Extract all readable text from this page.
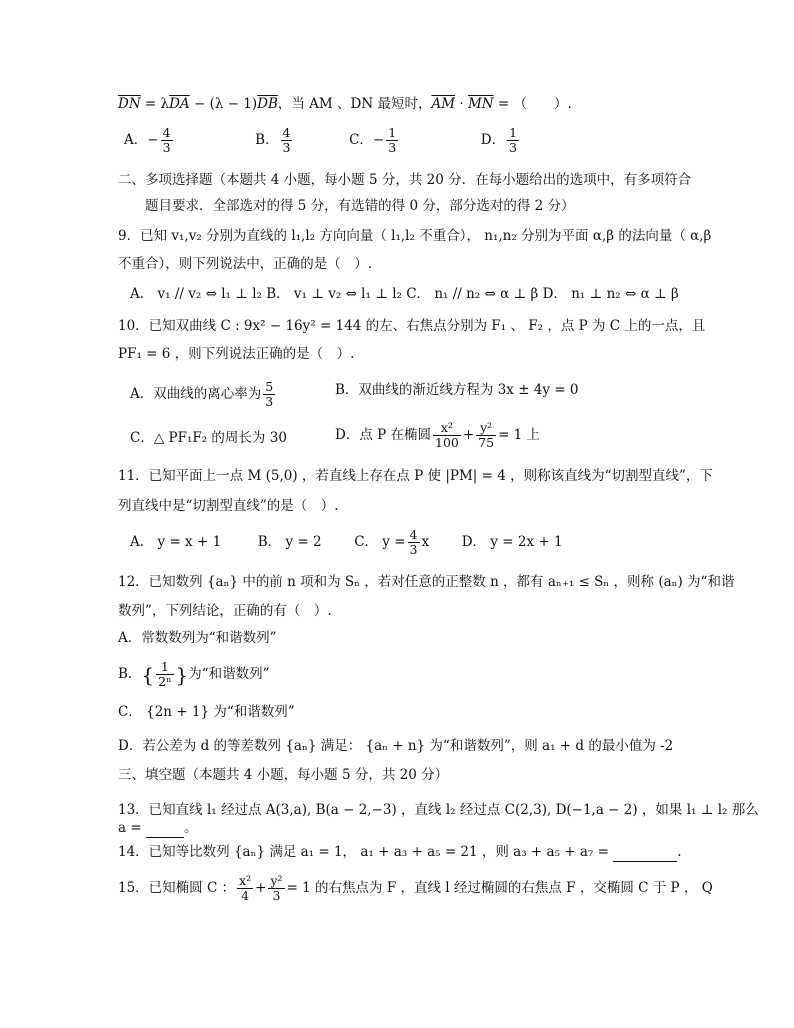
$\overline{DN} = \lambda\overline{DA} - (\lambda - 1)\overline{DB}$，当 AM 、DN 最短时，$\overline{AM} \cdot \overline{MN}$ = （　　）.
A．− $\frac{4}{3}$	B． $\frac{4}{3}$	C．− $\frac{1}{3}$	D． $\frac{1}{3}$
二、多项选择题（本题共 4 小题，每小题 5 分，共 20 分．在每小题给出的选项中，有多项符合
题目要求．全部选对的得 5 分，有选错的得 0 分，部分选对的得 2 分）
9．已知 v₁,v₂ 分别为直线的 l₁,l₂ 方向向量（ l₁,l₂ 不重合）， n₁,n₂ 分别为平面 α,β 的法向量（ α,β
不重合），则下列说法中，正确的是（　）.
A． v₁ // v₂ ⇔ l₁ ⊥ l₂ B． v₁ ⊥ v₂ ⇔ l₁ ⊥ l₂ C． n₁ // n₂ ⇔ α ⊥ β D． n₁ ⊥ n₂ ⇔ α ⊥ β
10．已知双曲线 C : 9x² − 16y² = 144 的左、右焦点分别为 F₁ 、 F₂ ，点 P 为 C 上的一点，且
PF₁ = 6 ，则下列说法正确的是（　）.
A．双曲线的离心率为 $\frac{5}{3}$	B．双曲线的渐近线方程为 3x ± 4y = 0
C．△ PF₁F₂ 的周长为 30	D．点 P 在椭圆 $\frac{\text{x²}}{100} + \frac{\text{y²}}{75} = 1$ 上
11．已知平面上一点 M (5,0) ，若直线上存在点 P 使 |PM| = 4 ，则称该直线为“切割型直线”，下
列直线中是“切割型直线”的是（　）.
A． y = x + 1	B． y = 2 C． $y = \frac{4}{3}$ x D． y = 2x + 1
12．已知数列 {aₙ} 中的前 n 项和为 Sₙ ，若对任意的正整数 n ，都有 aₙ₊₁ ≤ Sₙ ，则称 (aₙ) 为“和谐
数列”，下列结论，正确的有（　）.
A．常数数列为“和谐数列”
B．{ $\frac{1}{\text{2ⁿ}}$ }为“和谐数列”
C． {2n + 1} 为“和谐数列”
D．若公差为 d 的等差数列 {aₙ} 满足： {aₙ + n} 为“和谐数列”，则 a₁ + d 的最小值为 -2
三、填空题（本题共 4 小题，每小题 5 分，共 20 分）
13．已知直线 l₁ 经过点 A(3,a), B(a − 2,−3) ，直线 l₂ 经过点 C(2,3), D(−1,a − 2) ，如果 l₁ ⊥ l₂ 那么
a =	。
14．已知等比数列 {aₙ} 满足 a₁ = 1， a₁ + a₃ + a₅ = 21 ，则 a₃ + a₅ + a₇ =	.
15．已知椭圆 C ： $\frac{\text{x²}}{4} + \frac{\text{y²}}{3} = 1$ 的右焦点为 F ，直线 l 经过椭圆的右焦点 F ，交椭圆 C 于 P ， Q
